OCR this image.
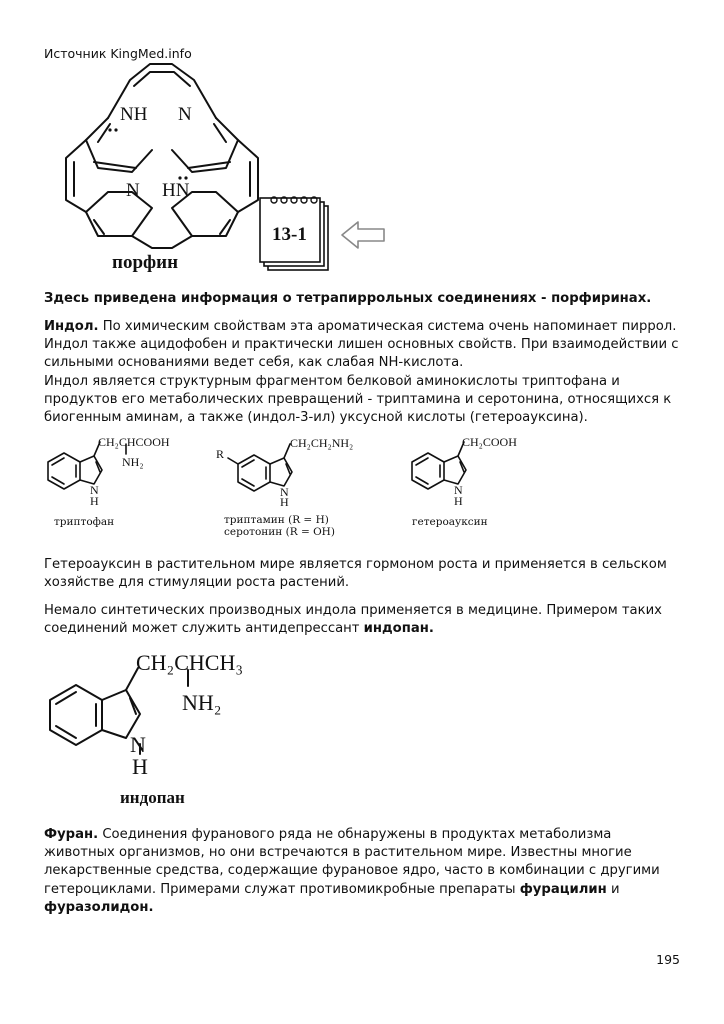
Источник KingMed.info
NH N
N HN
порфин
13-1
Здесь приведена информация о тетрапиррольных соединениях - порфиринах.
Индол. По химическим свойствам эта ароматическая система очень напоминает пиррол. Индол также ацидофобен и практически лишен основных свойств. При взаимодействии с сильными основаниями ведет себя, как слабая NH-кислота.
Индол является структурным фрагментом белковой аминокислоты триптофана и продуктов его метаболических превращений - триптамина и серотонина, относящихся к биогенным аминам, а также (индол-3-ил) уксусной кислоты (гетероауксина).
CH₂CHCOOH
NH₂
N
H
триптофан
R
CH₂CH₂NH₂
N
H
триптамин (R = H)
серотонин (R = OH)
CH₂COOH
N
H
гетероауксин
Гетероауксин в растительном мире является гормоном роста и применяется в сельском хозяйстве для стимуляции роста растений.
Немало синтетических производных индола применяется в медицине. Примером таких соединений может служить антидепрессант индопан.
CH₂CHCH₃
NH₂
N
H
индопан
Фуран. Соединения фуранового ряда не обнаружены в продуктах метаболизма животных организмов, но они встречаются в растительном мире. Известны многие лекарственные средства, содержащие фурановое ядро, часто в комбинации с другими гетероциклами. Примерами служат противомикробные препараты фурацилин и фуразолидон.
195
